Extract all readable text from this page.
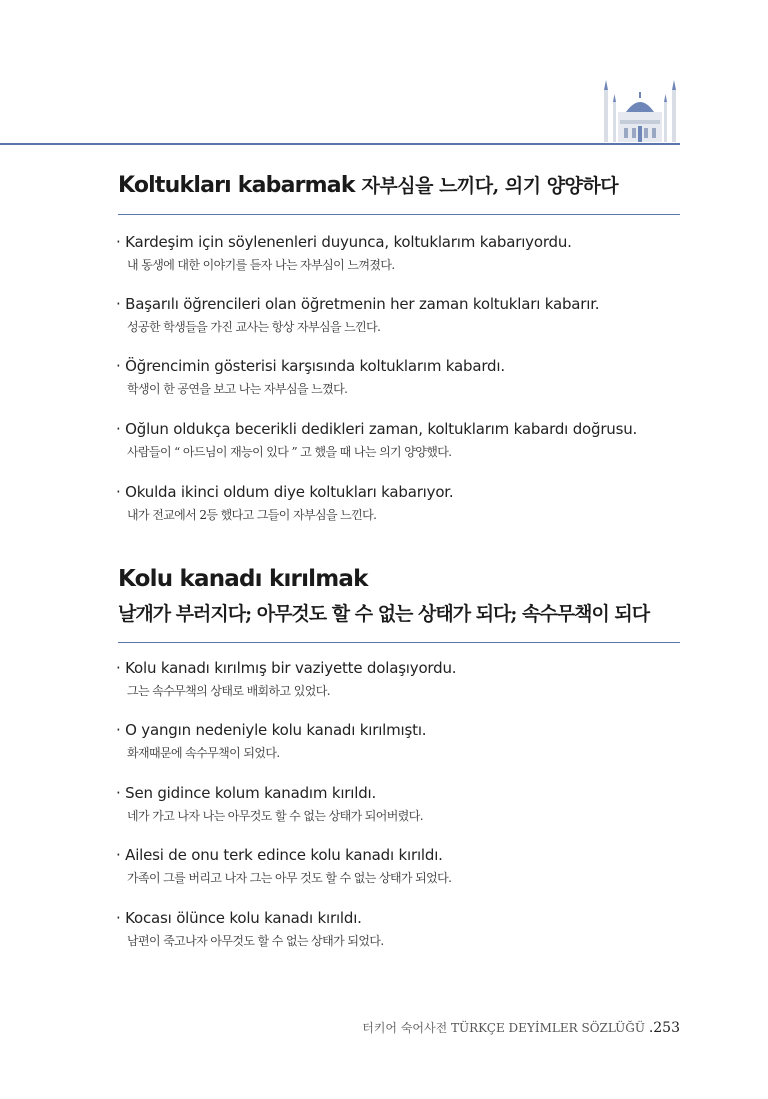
Koltukları kabarmak 자부심을 느끼다, 의기 양양하다
· Kardeşim için söylenenleri duyunca, koltuklarım kabarıyordu.
내 동생에 대한 이야기를 듣자 나는 자부심이 느껴졌다.
· Başarılı öğrencileri olan öğretmenin her zaman koltukları kabarır.
성공한 학생들을 가진 교사는 항상 자부심을 느낀다.
· Öğrencimin gösterisi karşısında koltuklarım kabardı.
학생이 한 공연을 보고 나는 자부심을 느꼈다.
· Oğlun oldukça becerikli dedikleri zaman, koltuklarım kabardı doğrusu.
사람들이 “ 아드님이 재능이 있다 ” 고 했을 때 나는 의기 양양했다.
· Okulda ikinci oldum diye koltukları kabarıyor.
내가 전교에서 2등 했다고 그들이 자부심을 느낀다.
Kolu kanadı kırılmak
날개가 부러지다; 아무것도 할 수 없는 상태가 되다; 속수무책이 되다
· Kolu kanadı kırılmış bir vaziyette dolaşıyordu.
그는 속수무책의 상태로 배회하고 있었다.
· O yangın nedeniyle kolu kanadı kırılmıştı.
화재때문에 속수무책이 되었다.
· Sen gidince kolum kanadım kırıldı.
네가 가고 나자 나는 아무것도 할 수 없는 상태가 되어버렸다.
· Ailesi de onu terk edince kolu kanadı kırıldı.
가족이 그를 버리고 나자 그는 아무 것도 할 수 없는 상태가 되었다.
· Kocası ölünce kolu kanadı kırıldı.
남편이 죽고나자 아무것도 할 수 없는 상태가 되었다.
터키어 숙어사전 TÜRKÇE DEYİMLER SÖZLÜĞÜ .253
